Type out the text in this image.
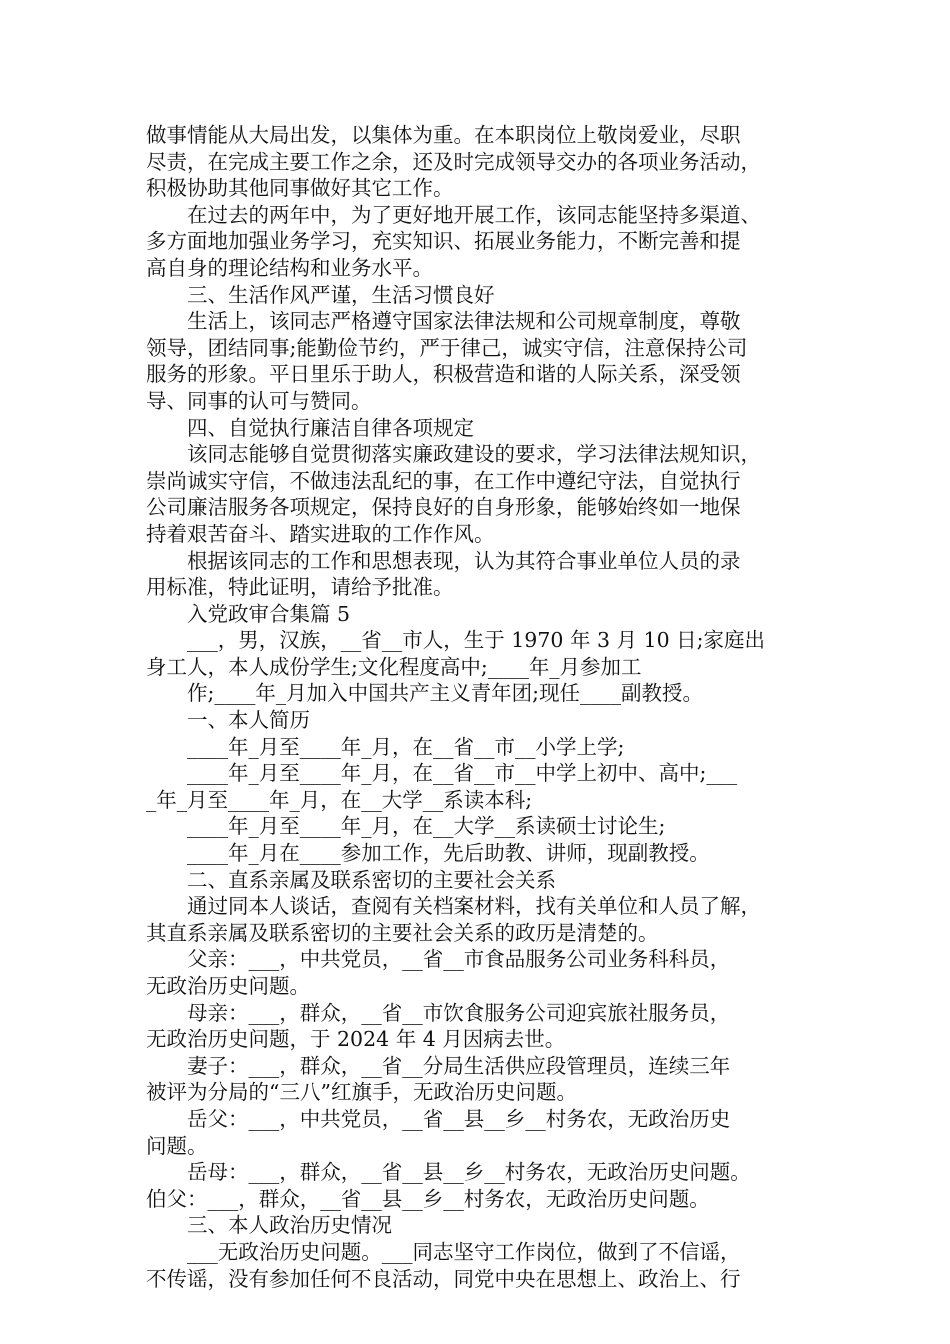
做事情能从大局出发，以集体为重。在本职岗位上敬岗爱业，尽职
尽责，在完成主要工作之余，还及时完成领导交办的各项业务活动，
积极协助其他同事做好其它工作。
　　在过去的两年中，为了更好地开展工作，该同志能坚持多渠道、
多方面地加强业务学习，充实知识、拓展业务能力，不断完善和提
高自身的理论结构和业务水平。
　　三、生活作风严谨，生活习惯良好
　　生活上，该同志严格遵守国家法律法规和公司规章制度，尊敬
领导，团结同事;能勤俭节约，严于律己，诚实守信，注意保持公司
服务的形象。平日里乐于助人，积极营造和谐的人际关系，深受领
导、同事的认可与赞同。
　　四、自觉执行廉洁自律各项规定
　　该同志能够自觉贯彻落实廉政建设的要求，学习法律法规知识，
崇尚诚实守信，不做违法乱纪的事，在工作中遵纪守法，自觉执行
公司廉洁服务各项规定，保持良好的自身形象，能够始终如一地保
持着艰苦奋斗、踏实进取的工作作风。
　　根据该同志的工作和思想表现，认为其符合事业单位人员的录
用标准，特此证明，请给予批准。
　　入党政审合集篇 5
　　___，男，汉族，__省__市人，生于 1970 年 3 月 10 日;家庭出
身工人，本人成份学生;文化程度高中;____年_月参加工
　　作;____年_月加入中国共产主义青年团;现任____副教授。
　　一、本人简历
　　____年_月至____年_月，在__省__市__小学上学;
　　____年_月至____年_月，在__省__市__中学上初中、高中;___
_年_月至____年_月，在__大学__系读本科;
　　____年_月至____年_月，在__大学__系读硕士讨论生;
　　____年_月在____参加工作，先后助教、讲师，现副教授。
　　二、直系亲属及联系密切的主要社会关系
　　通过同本人谈话，查阅有关档案材料，找有关单位和人员了解，
其直系亲属及联系密切的主要社会关系的政历是清楚的。
　　父亲：___，中共党员，__省__市食品服务公司业务科科员，
无政治历史问题。
　　母亲：___，群众，__省__市饮食服务公司迎宾旅社服务员，
无政治历史问题，于 2024 年 4 月因病去世。
　　妻子：___，群众，__省__分局生活供应段管理员，连续三年
被评为分局的“三八”红旗手，无政治历史问题。
　　岳父：___，中共党员，__省__县__乡__村务农，无政治历史
问题。
　　岳母：___，群众，__省__县__乡__村务农，无政治历史问题。
伯父：___，群众，__省__县__乡__村务农，无政治历史问题。
　　三、本人政治历史情况
　　___无政治历史问题。___同志坚守工作岗位，做到了不信谣，
不传谣，没有参加任何不良活动，同党中央在思想上、政治上、行
